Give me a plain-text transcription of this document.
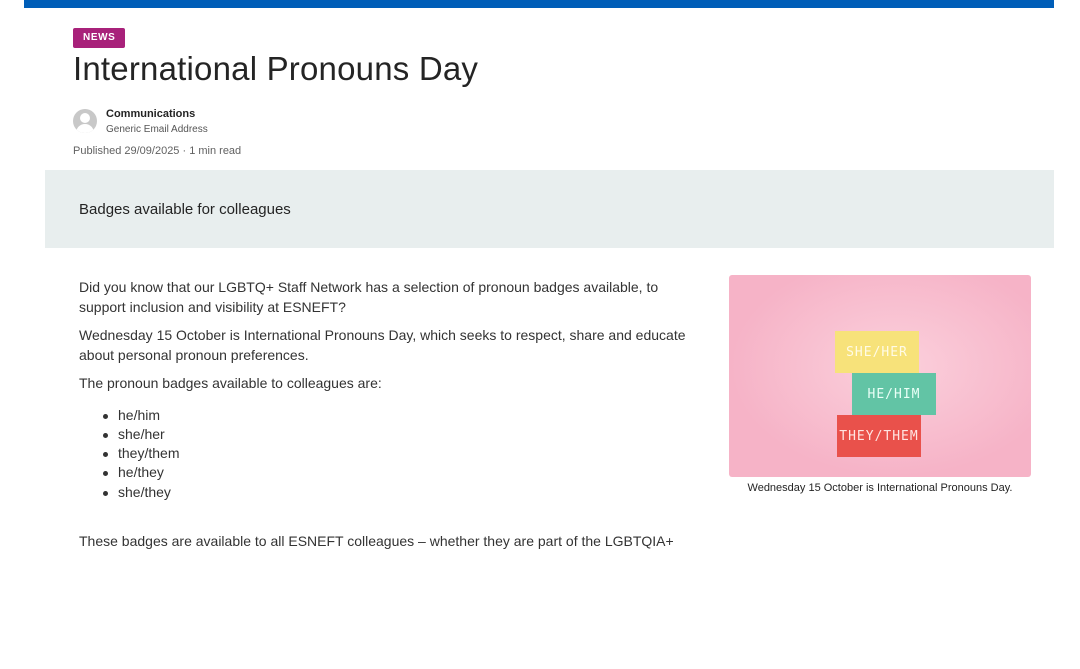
NEWS
International Pronouns Day
Communications
Generic Email Address
Published 29/09/2025 · 1 min read
Badges available for colleagues

Did you know that our LGBTQ+ Staff Network has a selection of pronoun badges available, to support inclusion and visibility at ESNEFT?

Wednesday 15 October is International Pronouns Day, which seeks to respect, share and educate about personal pronoun preferences.

The pronoun badges available to colleagues are:

he/him
she/her
they/them
he/they
she/they

These badges are available to all ESNEFT colleagues – whether they are part of the LGBTQIA+

SHE/HER
HE/HIM
THEY/THEM
Wednesday 15 October is International Pronouns Day.
